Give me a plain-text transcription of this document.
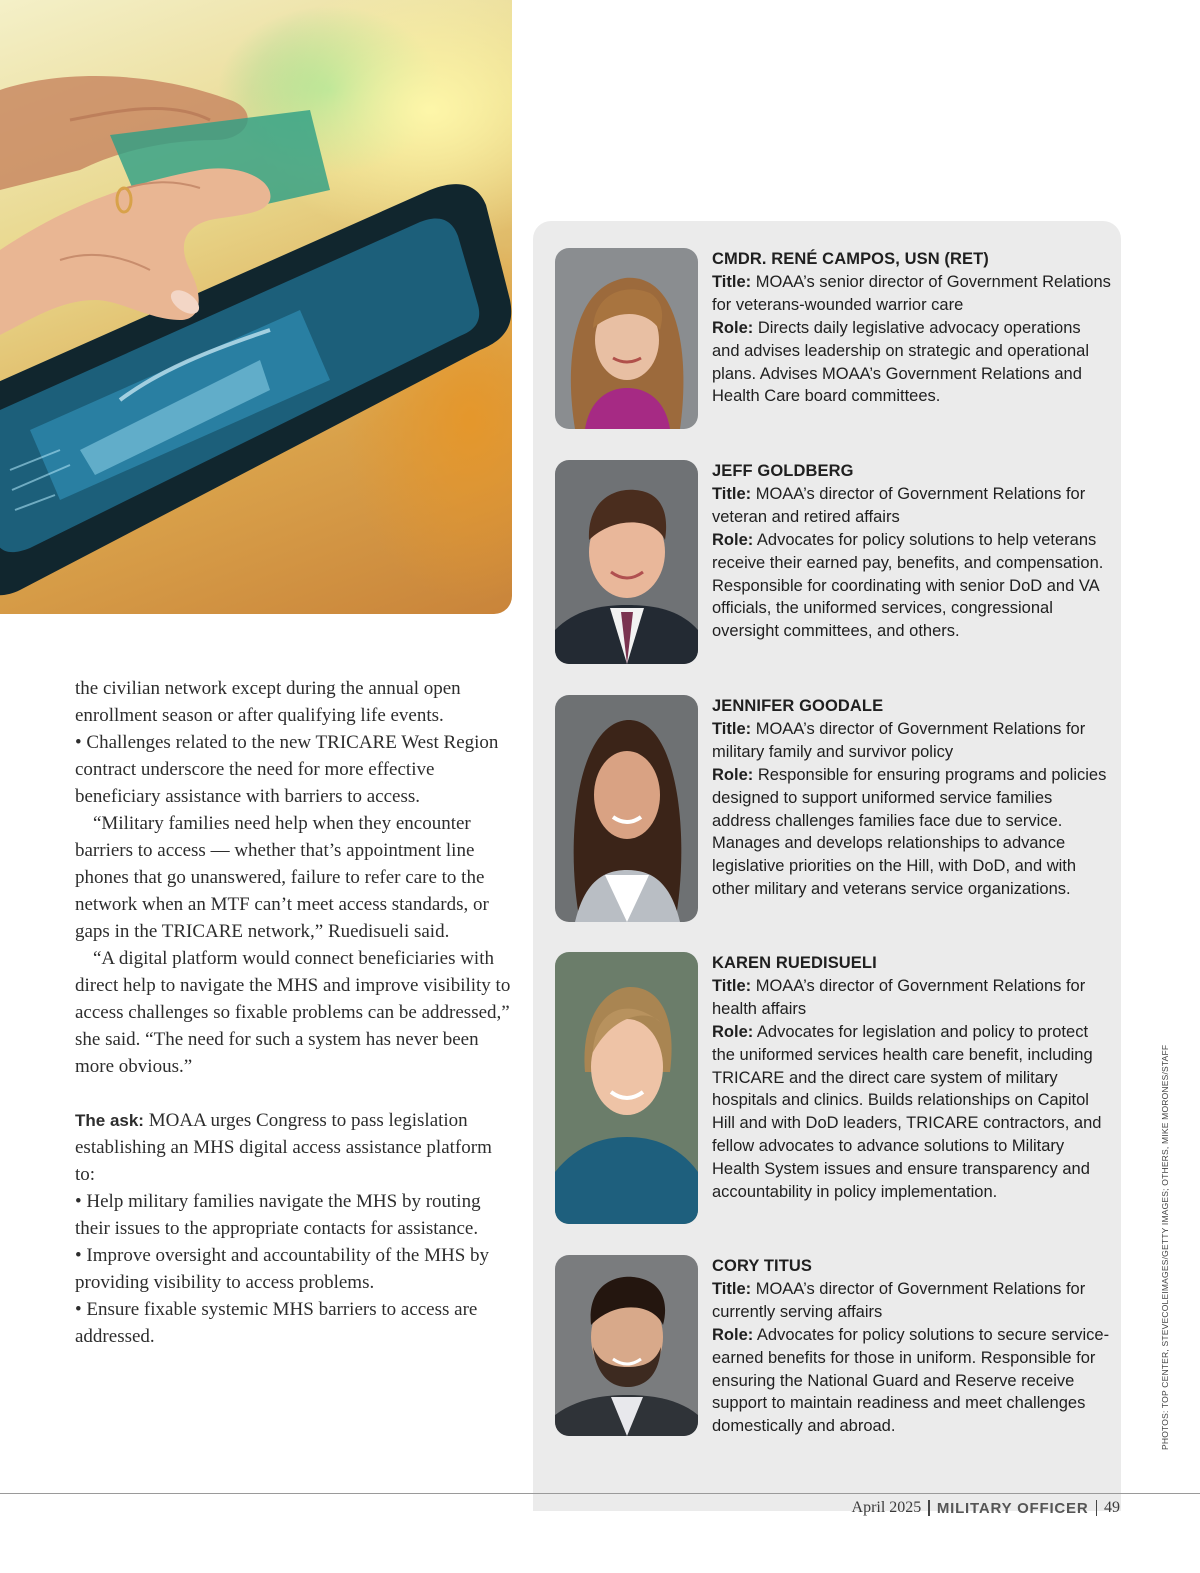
the civilian network except during the annual open enrollment season or after qualifying life events.

• Challenges related to the new TRICARE West Region contract underscore the need for more effective beneficiary assistance with barriers to access.

“Military families need help when they encounter barriers to access — whether that’s appointment line phones that go unanswered, failure to refer care to the network when an MTF can’t meet access standards, or gaps in the TRICARE network,” Ruedisueli said.

“A digital platform would connect beneficiaries with direct help to navigate the MHS and improve visibility to access challenges so fixable problems can be addressed,” she said. “The need for such a system has never been more obvious.”

The ask: MOAA urges Congress to pass legislation establishing an MHS digital access assistance platform to:

• Help military families navigate the MHS by routing their issues to the appropriate contacts for assistance.

• Improve oversight and accountability of the MHS by providing visibility to access problems.

• Ensure fixable systemic MHS barriers to access are addressed.

CMDR. RENÉ CAMPOS, USN (RET)

Title: MOAA’s senior director of Government Relations for veterans-wounded warrior care

Role: Directs daily legislative advocacy operations and advises leadership on strategic and operational plans. Advises MOAA’s Government Relations and Health Care board committees.

JEFF GOLDBERG

Title: MOAA’s director of Government Relations for veteran and retired affairs

Role: Advocates for policy solutions to help veterans receive their earned pay, benefits, and compensation. Responsible for coordinating with senior DoD and VA officials, the uniformed services, congressional oversight committees, and others.

JENNIFER GOODALE

Title: MOAA’s director of Government Relations for military family and survivor policy

Role: Responsible for ensuring programs and policies designed to support uniformed service families address challenges families face due to service. Manages and develops relationships to advance legislative priorities on the Hill, with DoD, and with other military and veterans service organizations.

KAREN RUEDISUELI

Title: MOAA’s director of Government Relations for health affairs

Role: Advocates for legislation and policy to protect the uniformed services health care benefit, including TRICARE and the direct care system of military hospitals and clinics. Builds relationships on Capitol Hill and with DoD leaders, TRICARE contractors, and fellow advocates to advance solutions to Military Health System issues and ensure transparency and accountability in policy implementation.

CORY TITUS

Title: MOAA’s director of Government Relations for currently serving affairs

Role: Advocates for policy solutions to secure service-earned benefits for those in uniform. Responsible for ensuring the National Guard and Reserve receive support to maintain readiness and meet challenges domestically and abroad.	PHOTOS: TOP CENTER, STEVECOLEIMAGES/GETTY IMAGES; OTHERS, MIKE MORONES/STAFF
April 2025 MILITARY OFFICER 49
